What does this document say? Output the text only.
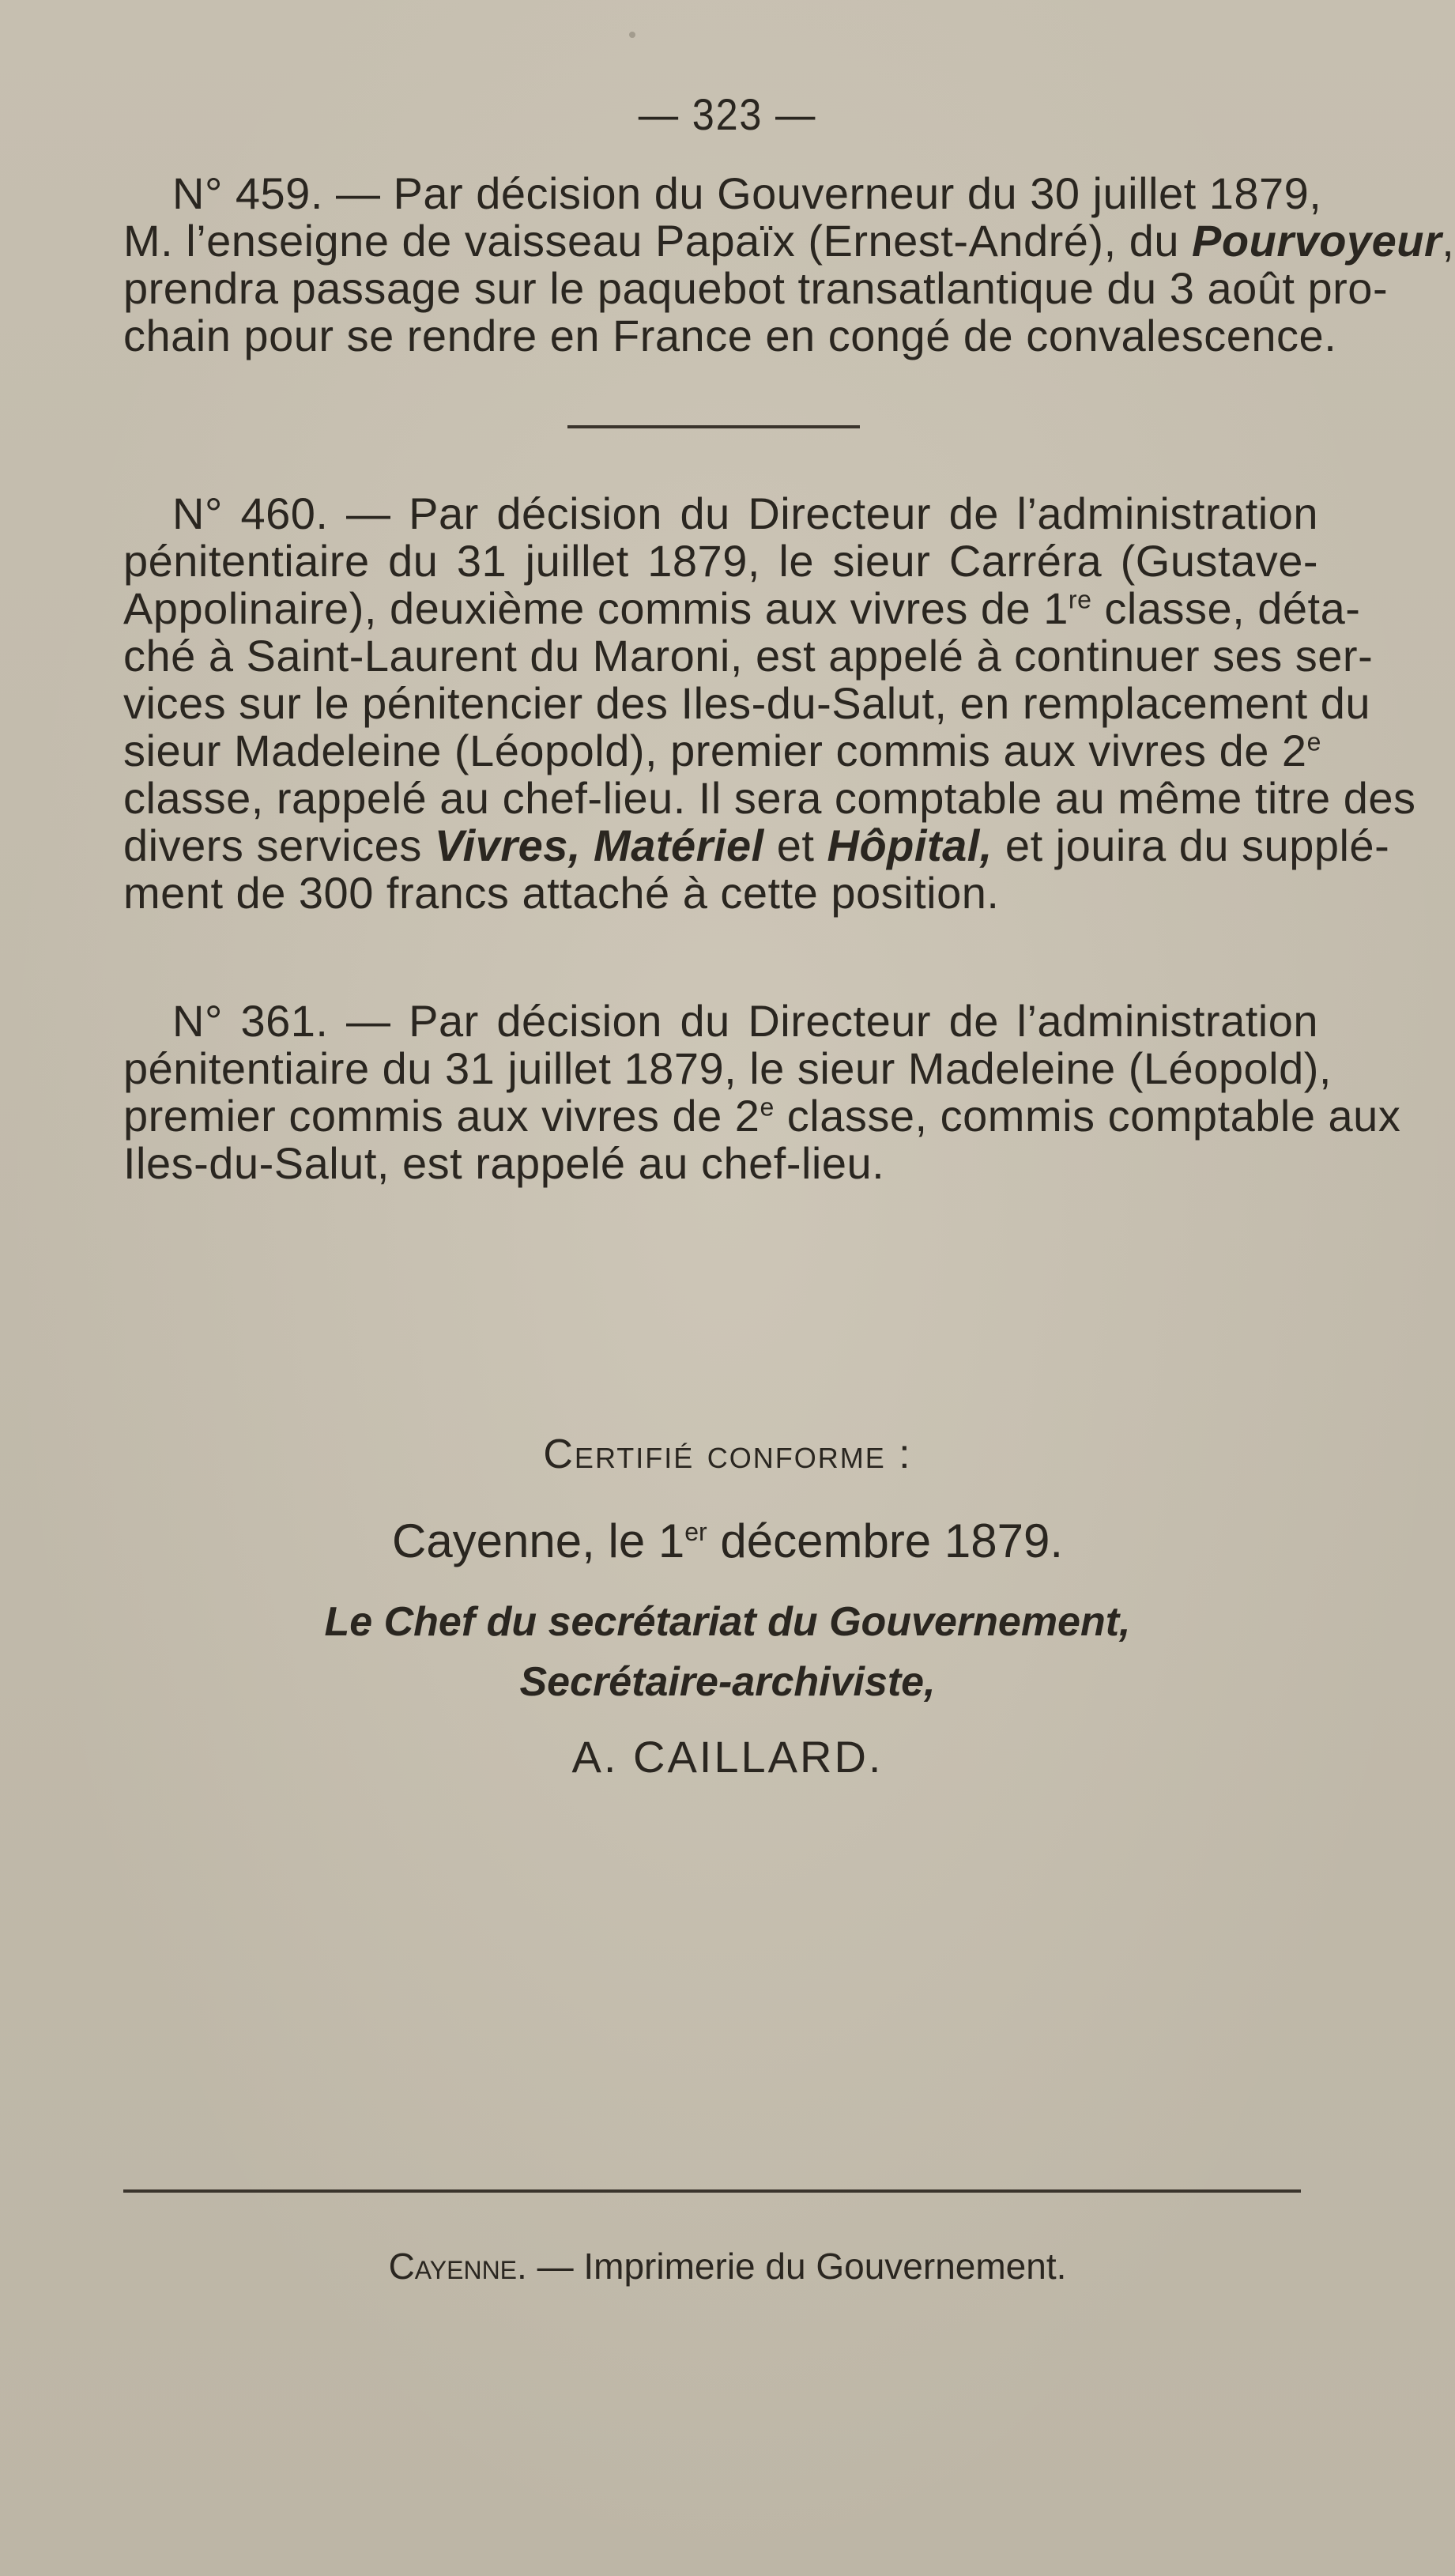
— 323 —
N° 459. — Par décision du Gouverneur du 30 juillet 1879,
M. l’enseigne de vaisseau Papaïx (Ernest-André), du Pourvoyeur,
prendra passage sur le paquebot transatlantique du 3 août pro-
chain pour se rendre en France en congé de convalescence.
N° 460. — Par décision du Directeur de l’administration
pénitentiaire du 31 juillet 1879, le sieur Carréra (Gustave-
Appolinaire), deuxième commis aux vivres de 1re classe, déta-
ché à Saint-Laurent du Maroni, est appelé à continuer ses ser-
vices sur le pénitencier des Iles-du-Salut, en remplacement du
sieur Madeleine (Léopold), premier commis aux vivres de 2e
classe, rappelé au chef-lieu. Il sera comptable au même titre des
divers services Vivres, Matériel et Hôpital, et jouira du supplé-
ment de 300 francs attaché à cette position.
N° 361. — Par décision du Directeur de l’administration
pénitentiaire du 31 juillet 1879, le sieur Madeleine (Léopold),
premier commis aux vivres de 2e classe, commis comptable aux
Iles-du-Salut, est rappelé au chef-lieu.
Certifié conforme :
Cayenne, le 1er décembre 1879.
Le Chef du secrétariat du Gouvernement,
Secrétaire-archiviste,
A. CAILLARD.
Cayenne. — Imprimerie du Gouvernement.
